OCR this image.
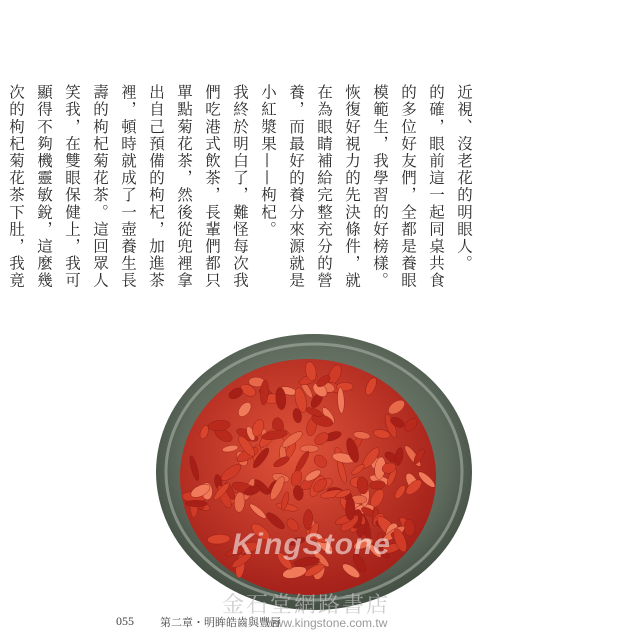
近視、沒老花的明眼人。

的確，眼前這一起同桌共食的多位好友們，全都是養眼模範生，我學習的好榜樣。恢復好視力的先決條件，就在為眼睛補給完整充分的營養，而最好的養分來源就是小紅漿果——枸杞。

我終於明白了，難怪每次我們吃港式飲茶，長輩們都只單點菊花茶，然後從兜裡拿出自己預備的枸杞，加進茶裡，頓時就成了一壺養生長壽的枸杞菊花茶。這回眾人笑我，在雙眼保健上，我可顯得不夠機靈敏銳，這麼幾次的枸杞菊花茶下肚，我竟

KingStone
金石堂網路書店
www.kingstone.com.tw
055 第二章・明眸皓齒與豐唇
